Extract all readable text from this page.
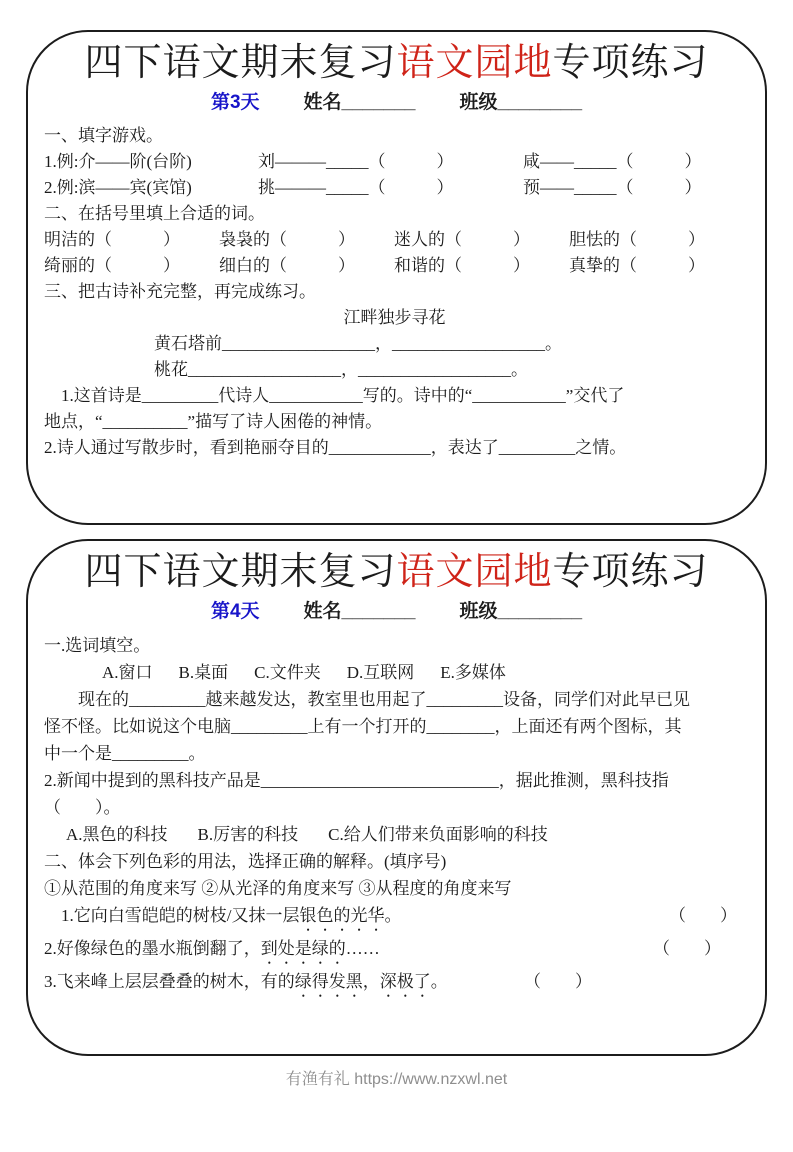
四下语文期末复习语文园地专项练习
第3天 姓名_______ 班级________
一、填字游戏。
1.例:介——阶(台阶)	刘———_____（　　　）	咸——_____（　　　）
2.例:滨——宾(宾馆)	挑———_____（　　　）	预——_____（　　　）
二、在括号里填上合适的词。
明洁的（　　　）	袅袅的（　　　）	迷人的（　　　）	胆怯的（　　　）
绮丽的（　　　）	细白的（　　　）	和谐的（　　　）	真挚的（　　　）
三、把古诗补充完整，再完成练习。
江畔独步寻花
黄石塔前__________________，__________________。
桃花__________________，__________________。
1.这首诗是_________代诗人___________写的。诗中的“___________”交代了
地点，“__________”描写了诗人困倦的神情。
2.诗人通过写散步时，看到艳丽夺目的____________，表达了_________之情。
四下语文期末复习语文园地专项练习
第4天 姓名_______ 班级________
一.选词填空。
A.窗口 B.桌面 C.文件夹 D.互联网 E.多媒体
现在的_________越来越发达，教室里也用起了_________设备，同学们对此早已见
怪不怪。比如说这个电脑_________上有一个打开的________，上面还有两个图标，其
中一个是_________。
2.新闻中提到的黑科技产品是____________________________，据此推测，黑科技指
（　　）。
A.黑色的科技 B.厉害的科技 C.给人们带来负面影响的科技
二、体会下列色彩的用法，选择正确的解释。(填序号)
①从范围的角度来写 ②从光泽的角度来写 ③从程度的角度来写
1.它向白雪皑皑的树枝/又抹一层银色的光华。	（　　）
2.好像绿色的墨水瓶倒翻了，到处是绿的……	（　　）
3.飞来峰上层层叠叠的树木，有的绿得发黑，深极了。	（　　）
有渔有礼 https://www.nzxwl.net
